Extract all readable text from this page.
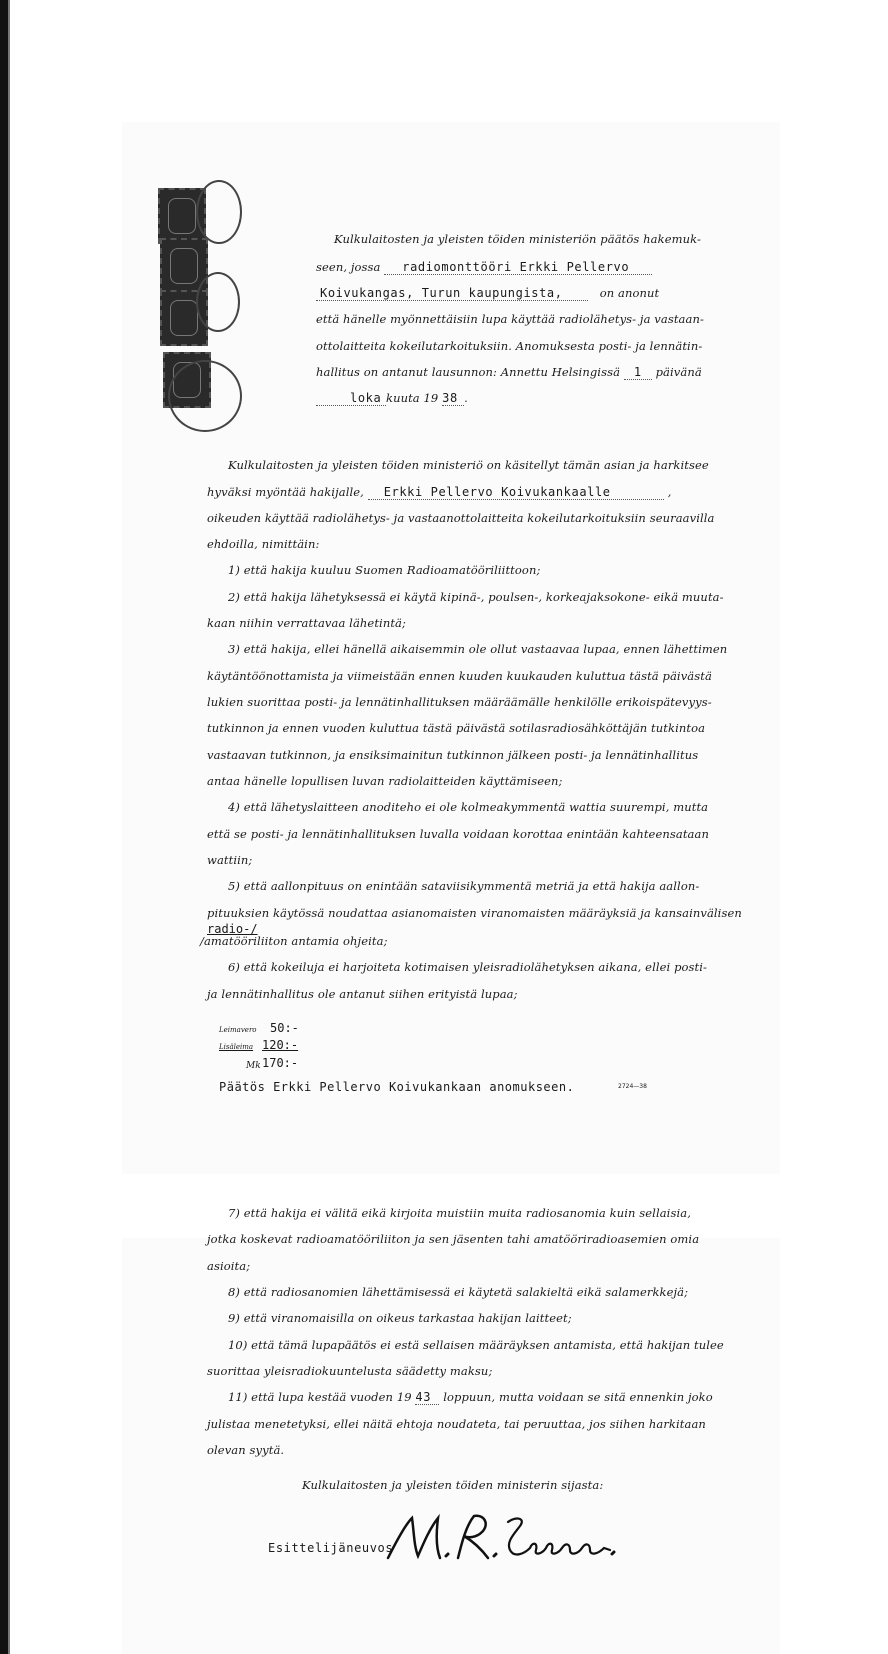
Kulkulaitosten ja yleisten töiden ministeriön päätös hakemuk-
seen, jossa radiomonttööri Erkki Pellervo
Koivukangas, Turun kaupungista,	on anonut
että hänelle myönnettäisiin lupa käyttää radiolähetys- ja vastaan-
ottolaitteita kokeilutarkoituksiin. Anomuksesta posti- ja lennätin-
hallitus on antanut lausunnon: Annettu Helsingissä 1 päivänä
loka kuuta 19 38 .
Kulkulaitosten ja yleisten töiden ministeriö on käsitellyt tämän asian ja harkitsee
hyväksi myöntää hakijalle, Erkki Pellervo Koivukankaalle	,
oikeuden käyttää radiolähetys- ja vastaanottolaitteita kokeilutarkoituksiin seuraavilla
ehdoilla, nimittäin:
1) että hakija kuuluu Suomen Radioamatööriliittoon;
2) että hakija lähetyksessä ei käytä kipinä-, poulsen-, korkeajaksokone- eikä muuta-
kaan niihin verrattavaa lähetintä;
3) että hakija, ellei hänellä aikaisemmin ole ollut vastaavaa lupaa, ennen lähettimen
käytäntöönottamista ja viimeistään ennen kuuden kuukauden kuluttua tästä päivästä
lukien suorittaa posti- ja lennätinhallituksen määräämälle henkilölle erikoispätevyys-
tutkinnon ja ennen vuoden kuluttua tästä päivästä sotilasradiosähköttäjän tutkintoa
vastaavan tutkinnon, ja ensiksimainitun tutkinnon jälkeen posti- ja lennätinhallitus
antaa hänelle lopullisen luvan radiolaitteiden käyttämiseen;
4) että lähetyslaitteen anoditeho ei ole kolmeakymmentä wattia suurempi, mutta
että se posti- ja lennätinhallituksen luvalla voidaan korottaa enintään kahteensataan
wattiin;
5) että aallonpituus on enintään sataviisikymmentä metriä ja että hakija aallon-
pituuksien käytössä noudattaa asianomaisten viranomaisten määräyksiä ja kansainvälisen
radio-/
/amatööriliiton antamia ohjeita;
6) että kokeiluja ei harjoiteta kotimaisen yleisradiolähetyksen aikana, ellei posti-
ja lennätinhallitus ole antanut siihen erityistä lupaa;
Leimavero 50:-
Lisäleima 120:-
Mk 170:-
Päätös Erkki Pellervo Koivukankaan anomukseen.	2724—38
7) että hakija ei välitä eikä kirjoita muistiin muita radiosanomia kuin sellaisia,
jotka koskevat radioamatööriliiton ja sen jäsenten tahi amatööriradioasemien omia
asioita;
8) että radiosanomien lähettämisessä ei käytetä salakieltä eikä salamerkkejä;
9) että viranomaisilla on oikeus tarkastaa hakijan laitteet;
10) että tämä lupapäätös ei estä sellaisen määräyksen antamista, että hakijan tulee
suorittaa yleisradiokuuntelusta säädetty maksu;
11) että lupa kestää vuoden 19 43 loppuun, mutta voidaan se sitä ennenkin joko
julistaa menetetyksi, ellei näitä ehtoja noudateta, tai peruuttaa, jos siihen harkitaan
olevan syytä.
Kulkulaitosten ja yleisten töiden ministerin sijasta:
Esittelijäneuvos
